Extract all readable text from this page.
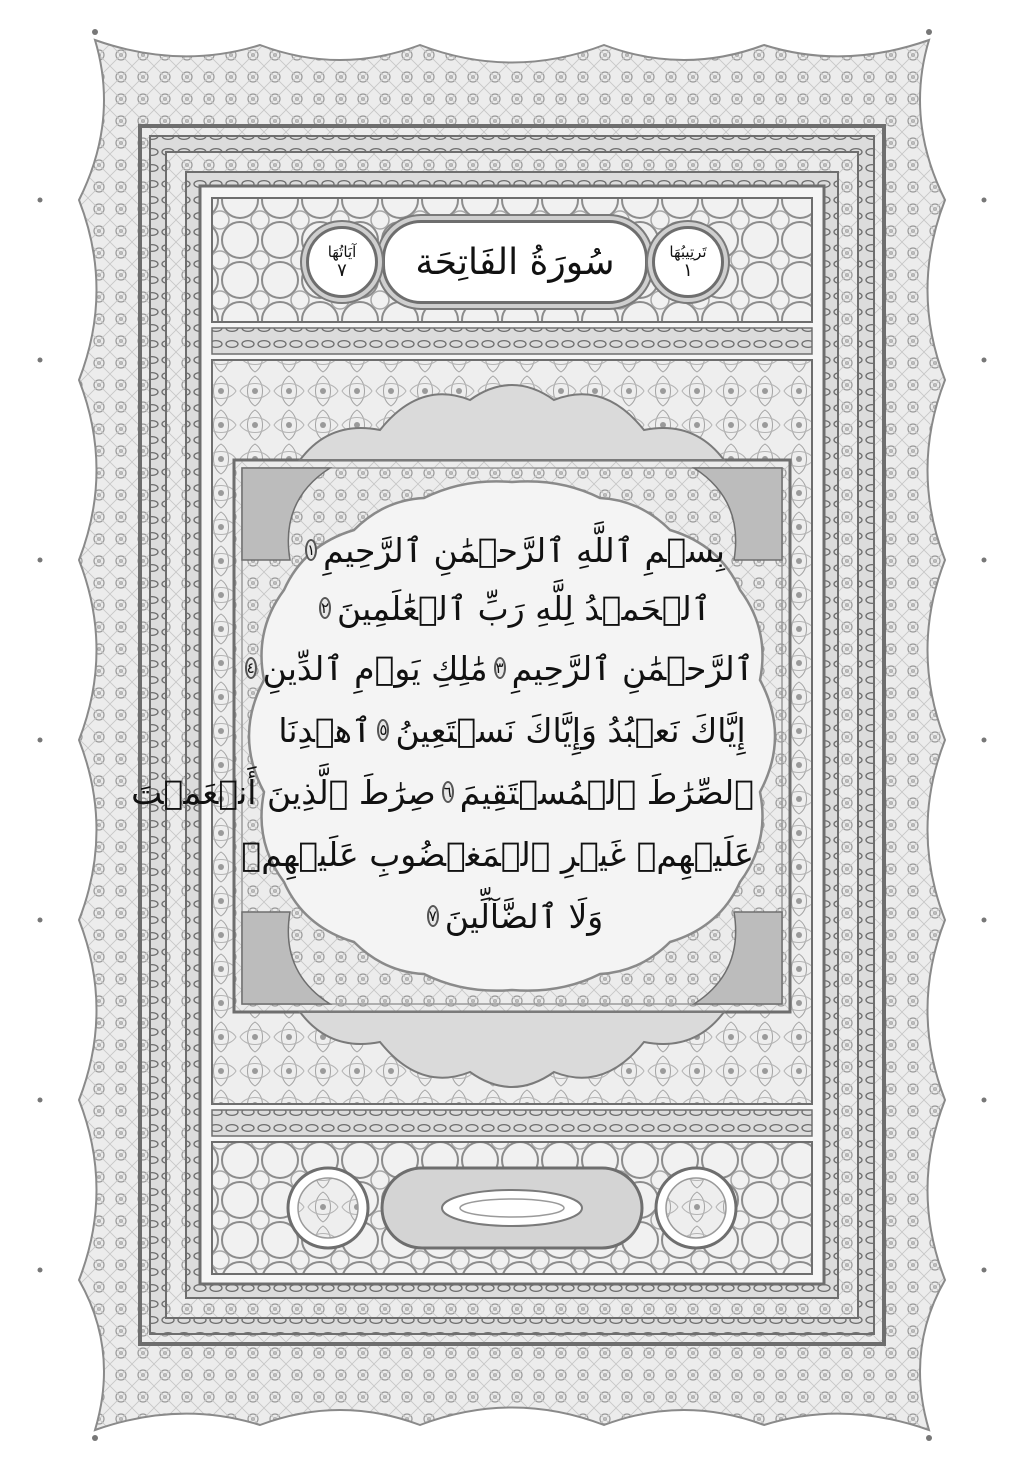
سُورَةُ الفَاتِحَة	تَرتِيبُهَا
١
آيَاتُهَا
٧
بِسۡمِ ٱللَّهِ ٱلرَّحۡمَٰنِ ٱلرَّحِيمِ١
ٱلۡحَمۡدُ لِلَّهِ رَبِّ ٱلۡعَٰلَمِينَ٢
ٱلرَّحۡمَٰنِ ٱلرَّحِيمِ٣مَٰلِكِ يَوۡمِ ٱلدِّينِ٤
إِيَّاكَ نَعۡبُدُ وَإِيَّاكَ نَسۡتَعِينُ٥ٱهۡدِنَا
ٱلصِّرَٰطَ ٱلۡمُسۡتَقِيمَ٦صِرَٰطَ ٱلَّذِينَ أَنۡعَمۡتَ
عَلَيۡهِمۡ غَيۡرِ ٱلۡمَغۡضُوبِ عَلَيۡهِمۡ
وَلَا ٱلضَّآلِّينَ٧
